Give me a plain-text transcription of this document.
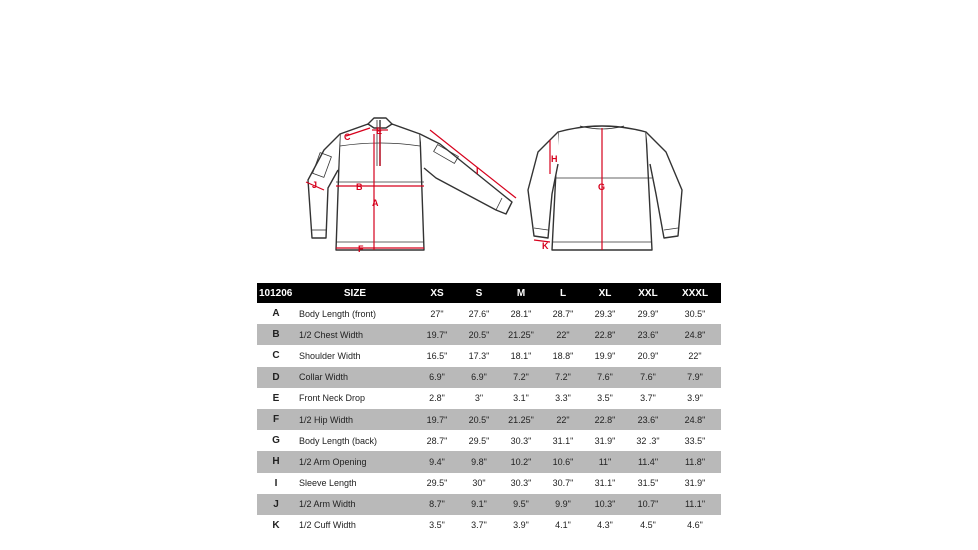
A
B
C
E
F
I
J	G
H
K
101206	SIZE	XS	S	M	L	XL	XXL	XXXL
A	Body Length (front)	27"	27.6"	28.1"	28.7"	29.3"	29.9"	30.5"
B	1/2 Chest Width	19.7"	20.5"	21.25"	22"	22.8"	23.6"	24.8"
C	Shoulder Width	16.5"	17.3"	18.1"	18.8"	19.9"	20.9"	22"
D	Collar Width	6.9"	6.9"	7.2"	7.2"	7.6"	7.6"	7.9"
E	Front Neck Drop	2.8"	3"	3.1"	3.3"	3.5"	3.7"	3.9"
F	1/2 Hip Width	19.7"	20.5"	21.25"	22"	22.8"	23.6"	24.8"
G	Body Length (back)	28.7"	29.5"	30.3"	31.1"	31.9"	32 .3"	33.5"
H	1/2 Arm Opening	9.4"	9.8"	10.2"	10.6"	11"	11.4"	11.8"
I	Sleeve Length	29.5"	30"	30.3"	30.7"	31.1"	31.5"	31.9"
J	1/2 Arm Width	8.7"	9.1"	9.5"	9.9"	10.3"	10.7"	11.1"
K	1/2 Cuff Width	3.5"	3.7"	3.9"	4.1"	4.3"	4.5"	4.6"
